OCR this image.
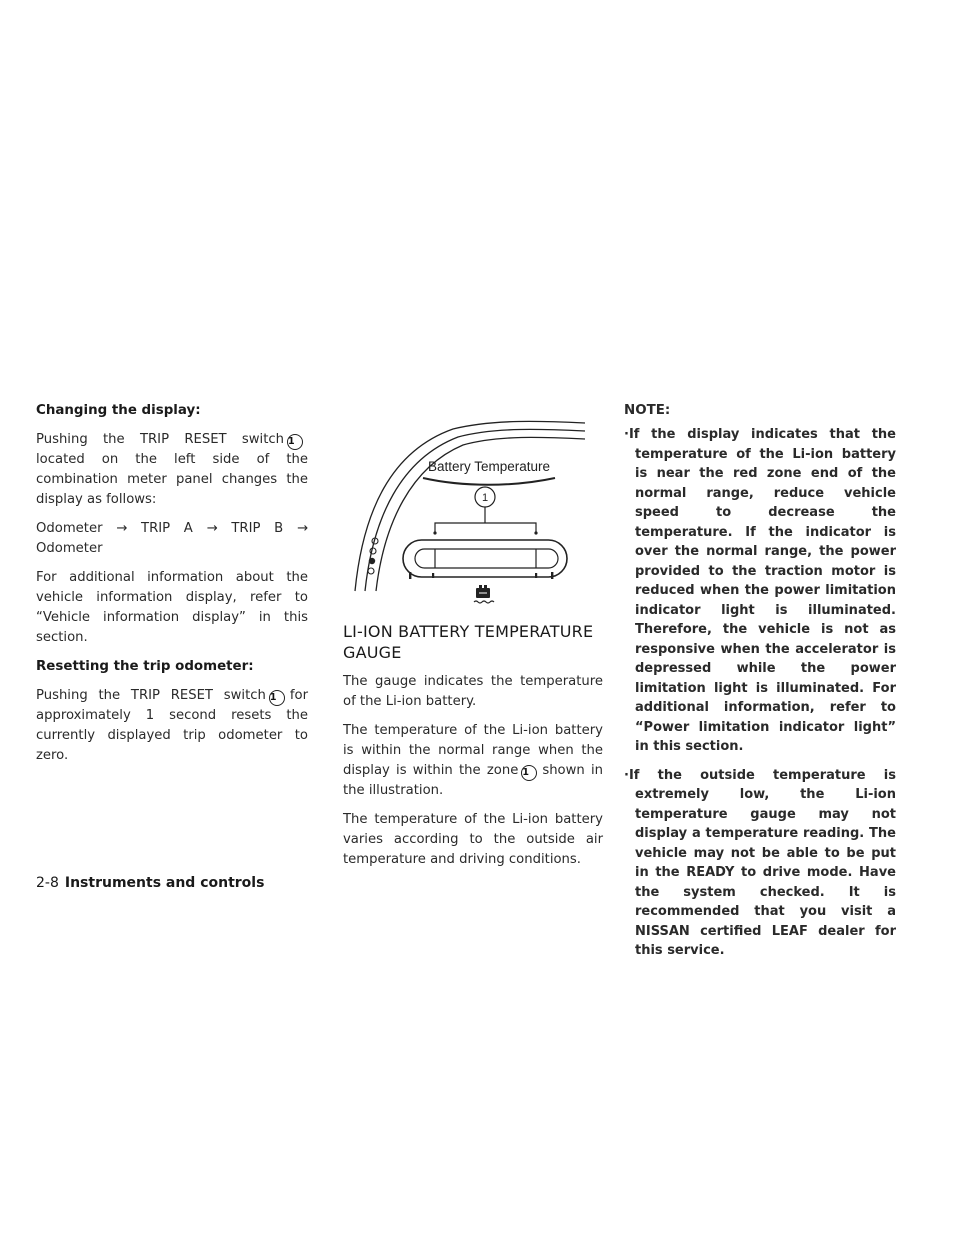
Changing the display:

Pushing the TRIP RESET switch 1located on the left side of the combination meter panel changes the display as follows:

Odometer → TRIP A → TRIP B → Odometer

For additional information about the vehicle information display, refer to “Vehicle information display” in this section.

Resetting the trip odometer:

Pushing the TRIP RESET switch 1 for approximately 1 second resets the currently displayed trip odometer to zero.

Battery Temperature
1
LI-ION BATTERY TEMPERATURE GAUGE

The gauge indicates the temperature of the Li-ion battery.

The temperature of the Li-ion battery is within the normal range when the display is within the zone 1 shown in the illustration.

The temperature of the Li-ion battery varies according to the outside air temperature and driving conditions.

NOTE:

·If the display indicates that the temperature of the Li-ion battery is near the red zone end of the normal range, reduce vehicle speed to decrease the temperature. If the indicator is over the normal range, the power provided to the traction motor is reduced when the power limitation indicator light is illuminated. Therefore, the vehicle is not as responsive when the accelerator is depressed while the power limitation light is illuminated. For additional information, refer to “Power limitation indicator light” in this section.

·If the outside temperature is extremely low, the Li-ion temperature gauge may not display a temperature reading. The vehicle may not be able to be put in the READY to drive mode. Have the system checked. It is recommended that you visit a NISSAN certified LEAF dealer for this service.

2-8 Instruments and controls
